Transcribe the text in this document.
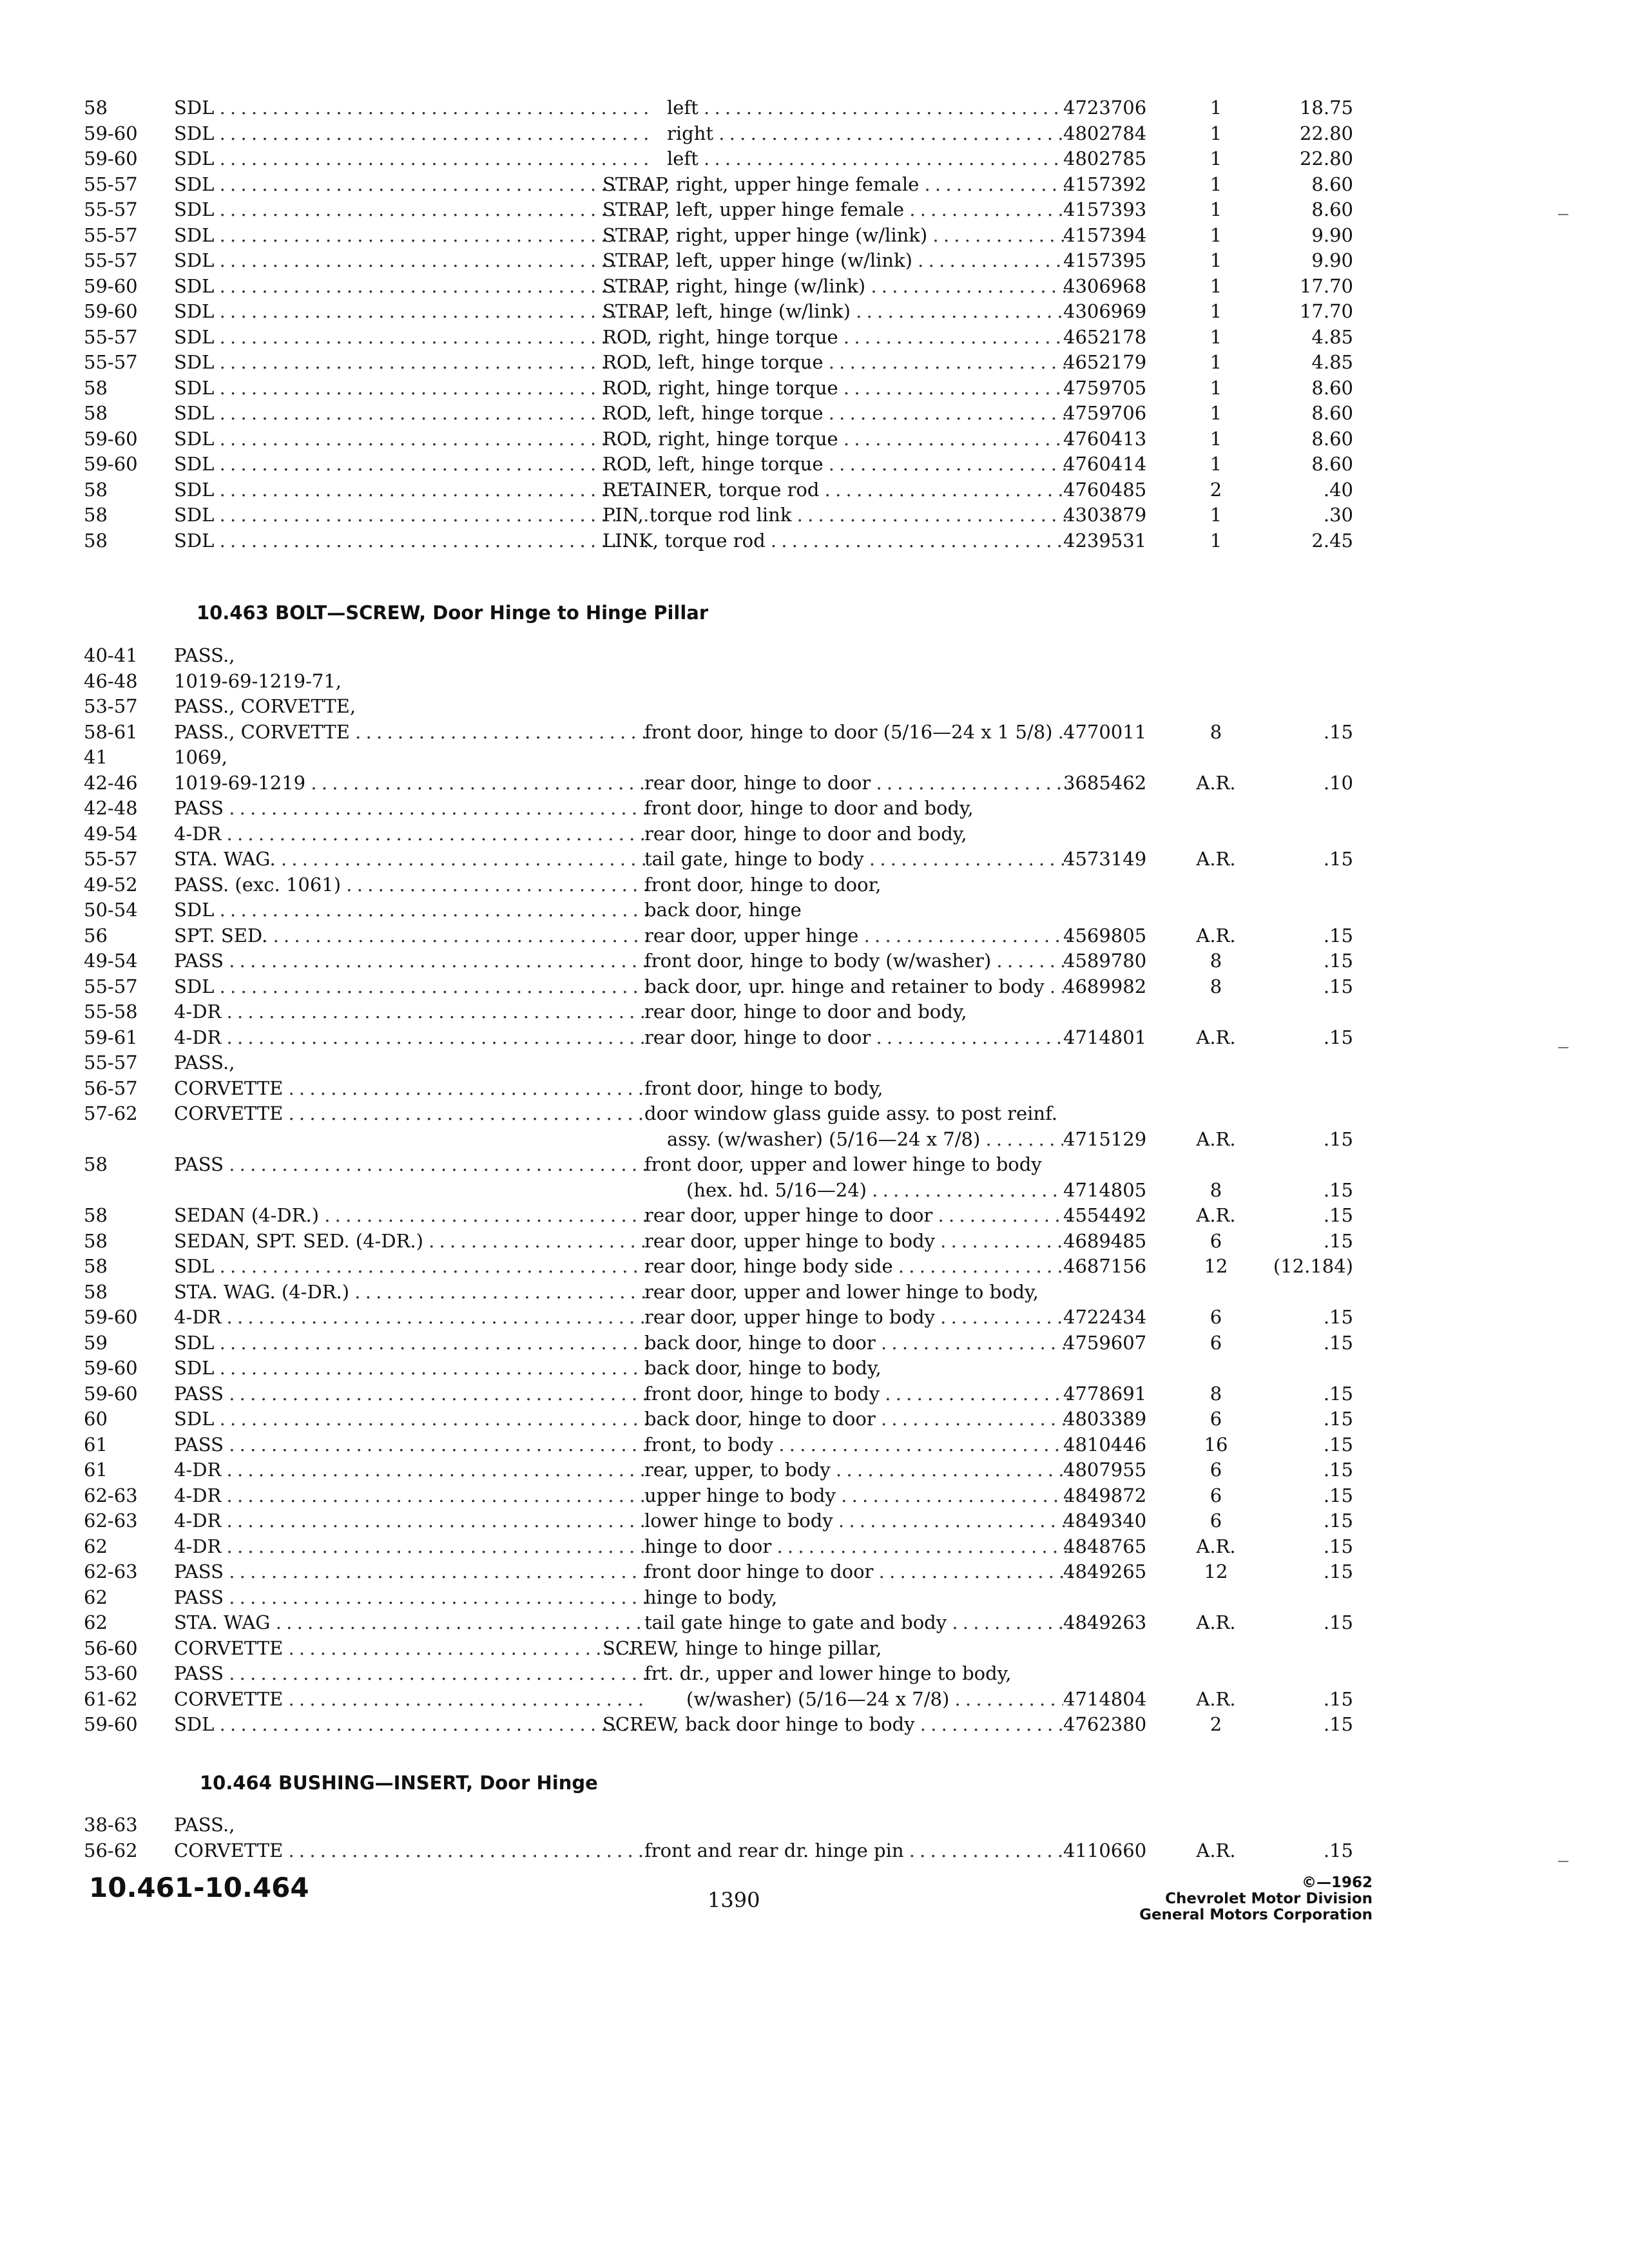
58	SDL . . .	left . . .	4723706	1	18.75
59-60	SDL . . .	right . . .	4802784	1	22.80
59-60	SDL . . .	left . . .	4802785	1	22.80
55-57	SDL . . .	STRAP, right, upper hinge female . . .	4157392	1	8.60
55-57	SDL . . .	STRAP, left, upper hinge female . . .	4157393	1	8.60
55-57	SDL . . .	STRAP, right, upper hinge (w/link) . . .	4157394	1	9.90
55-57	SDL . . .	STRAP, left, upper hinge (w/link) . . .	4157395	1	9.90
59-60	SDL . . .	STRAP, right, hinge (w/link) . . .	4306968	1	17.70
59-60	SDL . . .	STRAP, left, hinge (w/link) . . .	4306969	1	17.70
55-57	SDL . . .	ROD, right, hinge torque . . .	4652178	1	4.85
55-57	SDL . . .	ROD, left, hinge torque . . .	4652179	1	4.85
58	SDL . . .	ROD, right, hinge torque . . .	4759705	1	8.60
58	SDL . . .	ROD, left, hinge torque . . .	4759706	1	8.60
59-60	SDL . . .	ROD, right, hinge torque . . .	4760413	1	8.60
59-60	SDL . . .	ROD, left, hinge torque . . .	4760414	1	8.60
58	SDL . . .	RETAINER, torque rod . . .	4760485	2	.40
58	SDL . . .	PIN, torque rod link . . .	4303879	1	.30
58	SDL . . .	LINK, torque rod . . .	4239531	1	2.45
10.463 BOLT—SCREW, Door Hinge to Hinge Pillar
40-41	PASS.,
46-48	1019-69-1219-71,
53-57	PASS., CORVETTE,
58-61	PASS., CORVETTE . . .	front door, hinge to door (5/16—24 x 1 5/8) . . . 4770011	8	.15
41	1069,
42-46	1019-69-1219 . . .	rear door, hinge to door . . .	3685462	A.R.	.10
42-48	PASS . . .	front door, hinge to door and body,
49-54	4-DR . . .	rear door, hinge to door and body,
55-57	STA. WAG. . . .	tail gate, hinge to body . . .	4573149	A.R.	.15
49-52	PASS. (exc. 1061) . . .	front door, hinge to door,
50-54	SDL . . .	back door, hinge
56	SPT. SED. . . .	rear door, upper hinge . . .	4569805	A.R.	.15
49-54	PASS . . .	front door, hinge to body (w/washer) . . .	4589780	8	.15
55-57	SDL . . .	back door, upr. hinge and retainer to body . . .	4689982	8	.15
55-58	4-DR . . .	rear door, hinge to door and body,
59-61	4-DR . . .	rear door, hinge to door . . .	4714801	A.R.	.15
55-57	PASS.,
56-57	CORVETTE . . .	front door, hinge to body,
57-62	CORVETTE . . .	door window glass guide assy. to post reinf.
assy. (w/washer) (5/16—24 x 7/8) . . .	4715129	A.R.	.15
58	PASS . . .	front door, upper and lower hinge to body
(hex. hd. 5/16—24) . . .	4714805	8	.15
58	SEDAN (4-DR.) . . .	rear door, upper hinge to door . . .	4554492	A.R.	.15
58	SEDAN, SPT. SED. (4-DR.) . . .	rear door, upper hinge to body . . .	4689485	6	.15
58	SDL . . .	rear door, hinge body side . . .	4687156	12	(12.184)
58	STA. WAG. (4-DR.) . . .	rear door, upper and lower hinge to body,
59-60	4-DR . . .	rear door, upper hinge to body . . .	4722434	6	.15
59	SDL . . .	back door, hinge to door . . .	4759607	6	.15
59-60	SDL . . .	back door, hinge to body,
59-60	PASS . . .	front door, hinge to body . . .	4778691	8	.15
60	SDL . . .	back door, hinge to door . . .	4803389	6	.15
61	PASS . . .	front, to body . . .	4810446	16	.15
61	4-DR . . .	rear, upper, to body . . .	4807955	6	.15
62-63	4-DR . . .	upper hinge to body . . .	4849872	6	.15
62-63	4-DR . . .	lower hinge to body . . .	4849340	6	.15
62	4-DR . . .	hinge to door . . .	4848765	A.R.	.15
62-63	PASS . . .	front door hinge to door . . .	4849265	12	.15
62	PASS . . .	hinge to body,
62	STA. WAG . . .	tail gate hinge to gate and body . . .	4849263	A.R.	.15
56-60	CORVETTE . . .	SCREW, hinge to hinge pillar,
53-60	PASS . . .	frt. dr., upper and lower hinge to body,
61-62	CORVETTE . . .	(w/washer) (5/16—24 x 7/8) . . .	4714804	A.R.	.15
59-60	SDL . . .	SCREW, back door hinge to body . . .	4762380	2	.15
10.464 BUSHING—INSERT, Door Hinge
38-63	PASS.,
56-62	CORVETTE . . .	front and rear dr. hinge pin . . .	4110660	A.R.	.15
10.461-10.464	1390
©—1962
Chevrolet Motor Division
General Motors Corporation
